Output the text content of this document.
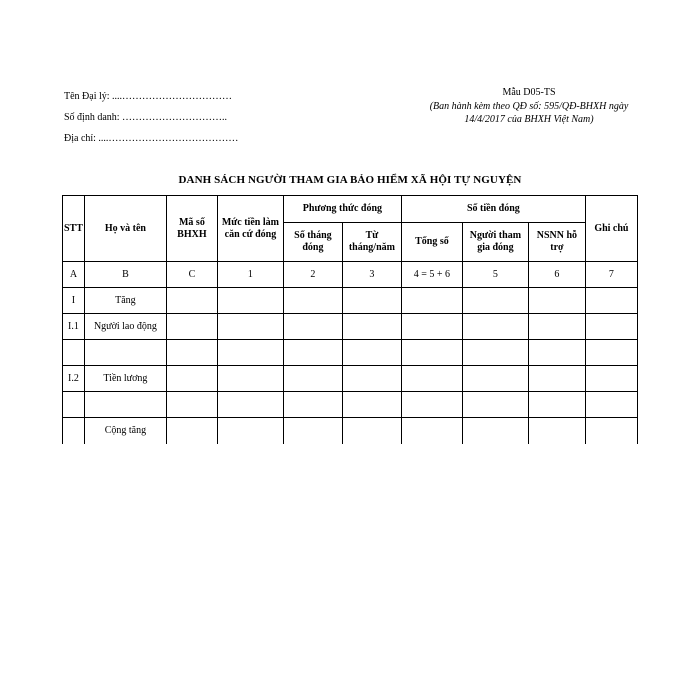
Tên Đại lý: ....……………………………
Số định danh: …………………………..
Địa chỉ: ....…………………………………
Mẫu D05-TS
(Ban hành kèm theo QĐ số: 595/QĐ-BHXH ngày
14/4/2017 của BHXH Việt Nam)
DANH SÁCH NGƯỜI THAM GIA BẢO HIỂM XÃ HỘI TỰ NGUYỆN
STT	Họ và tên	Mã số BHXH	Mức tiền làm căn cứ đóng	Phương thức đóng		Số tiền đóng			Ghi chú
				Số tháng đóng	Từ tháng/năm	Tổng số	Người tham gia đóng	NSNN hỗ trợ	
A	B	C	1	2	3	4 = 5 + 6	5	6	7
I	Tăng								
I.1	Người lao động								

I.2	Tiền lương								

	Cộng tăng								
